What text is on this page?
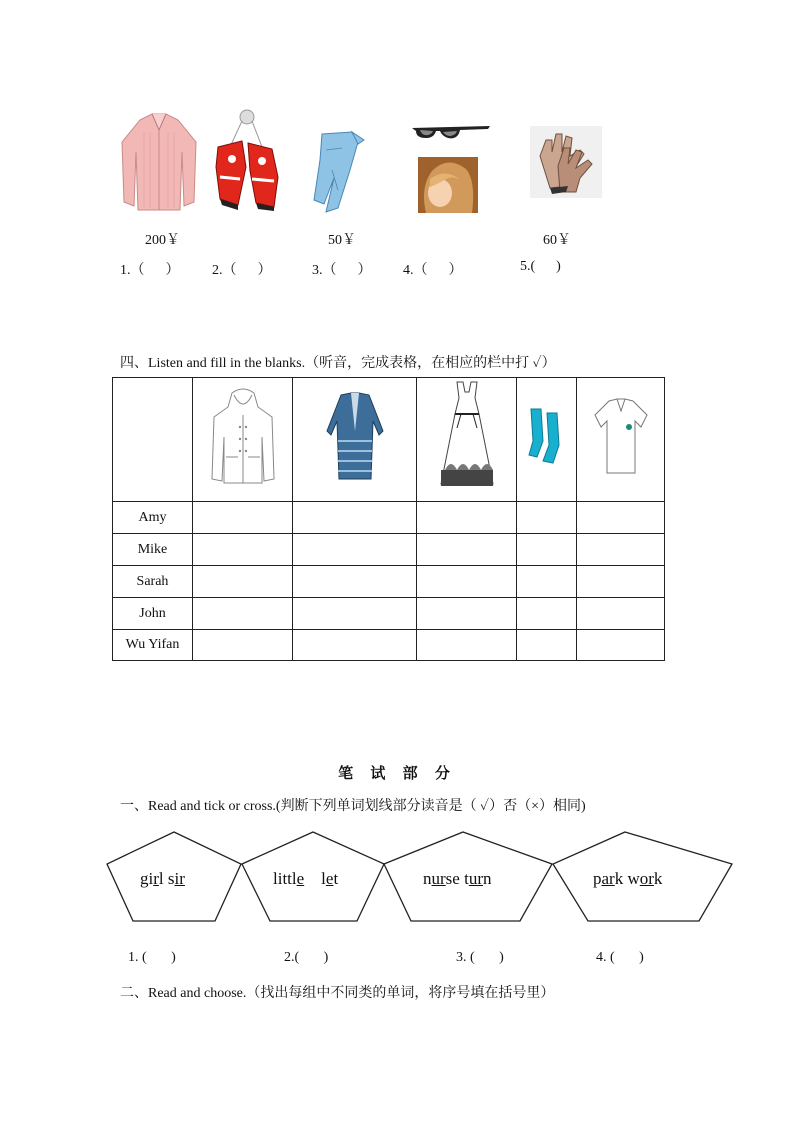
200￥	50￥	60￥
1.（      ） 2.（      ）	3.（      ） 4.（      ）	5.(      )
四、Listen and fill in the blanks.（听音，完成表格，在相应的栏中打 ✓）

Amy					
Mike					
Sarah					
John					
Wu Yifan					
笔 试 部 分
一、Read and tick or cross.(判断下列单词划线部分读音是（ ✓）否（×）相同)
girl sir	little let	nurse turn	park work
1. (       )	2.(       )	3. (       )	4. (       )
二、Read and choose.（找出每组中不同类的单词，将序号填在括号里）
